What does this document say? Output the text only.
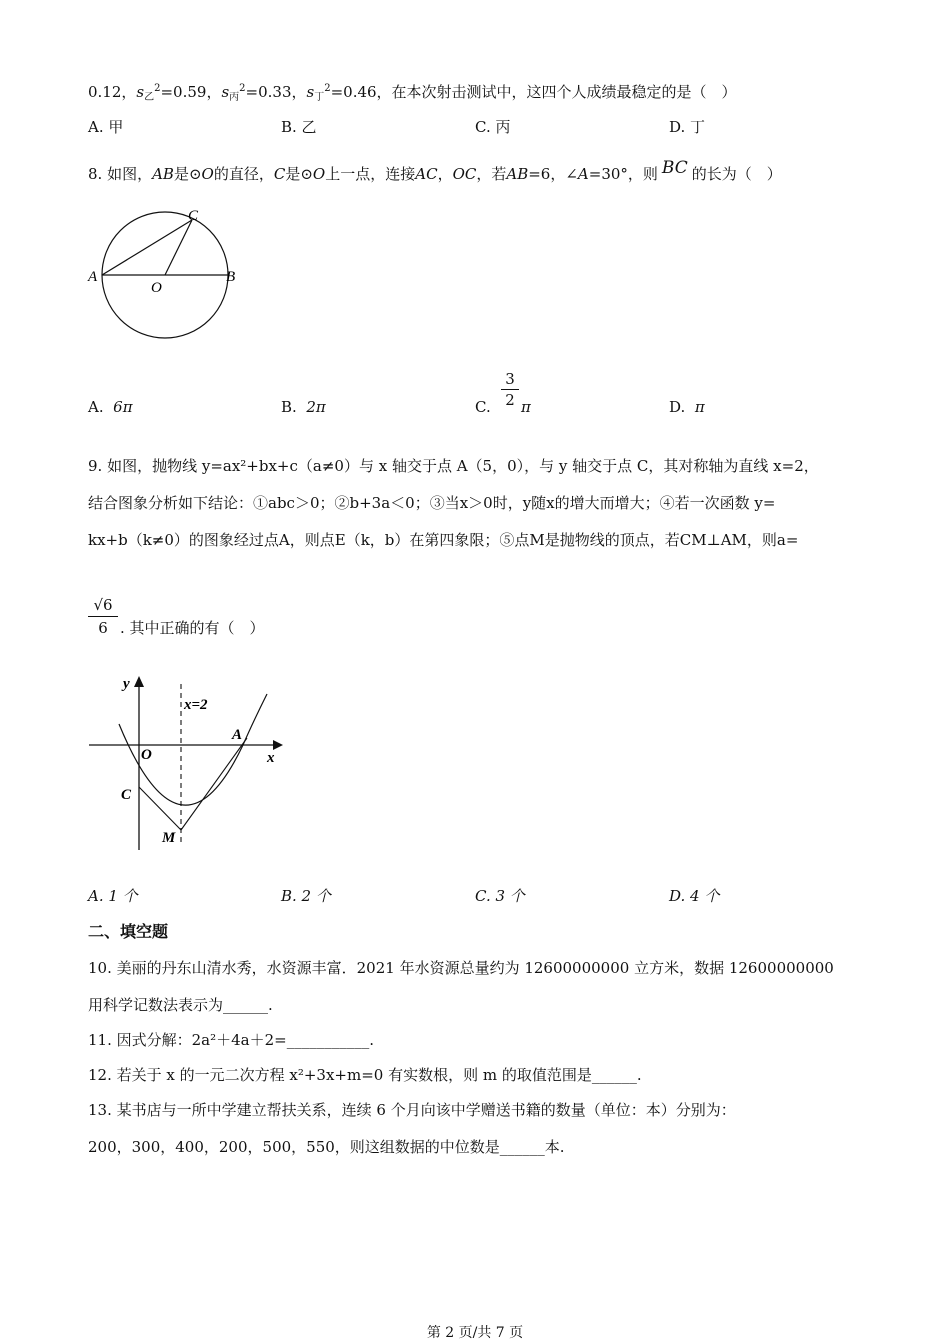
0.12，$s_乙^2=0.59$，$s_丙^2=0.33$，$s_丁^2=0.46$，在本次射击测试中，这四个人成绩最稳定的是（　）
A. 甲	B. 乙	C. 丙	D. 丁
8. 如图，AB是⊙O的直径，C是⊙O上一点，连接AC，OC，若AB=6，∠A=30°，则 BC 的长为（　）
A	B
C
O
A. 6π	B. 2π	C. $\frac{3}{2}$ π	D. π
9. 如图，抛物线 y=ax²+bx+c（a≠0）与 x 轴交于点 A（5，0），与 y 轴交于点 C，其对称轴为直线 x=2，
结合图象分析如下结论：①abc＞0；②b+3a＜0；③当x＞0时，y随x的增大而增大；④若一次函数 y=
kx+b（k≠0）的图象经过点A，则点E（k，b）在第四象限；⑤点M是抛物线的顶点，若CM⊥AM，则a=
$\frac{√6}{6}$ . 其中正确的有（　）
y
x
x=2
A
O
C
M
A. 1 个	B. 2 个	C. 3 个	D. 4 个
二、填空题
10. 美丽的丹东山清水秀，水资源丰富．2021 年水资源总量约为 12600000000 立方米，数据 12600000000
用科学记数法表示为______.
11. 因式分解：2a²＋4a＋2=___________.
12. 若关于 x 的一元二次方程 x²+3x+m=0 有实数根，则 m 的取值范围是______.
13. 某书店与一所中学建立帮扶关系，连续 6 个月向该中学赠送书籍的数量（单位：本）分别为：
200，300，400，200，500，550，则这组数据的中位数是______本.
第 2 页/共 7 页
